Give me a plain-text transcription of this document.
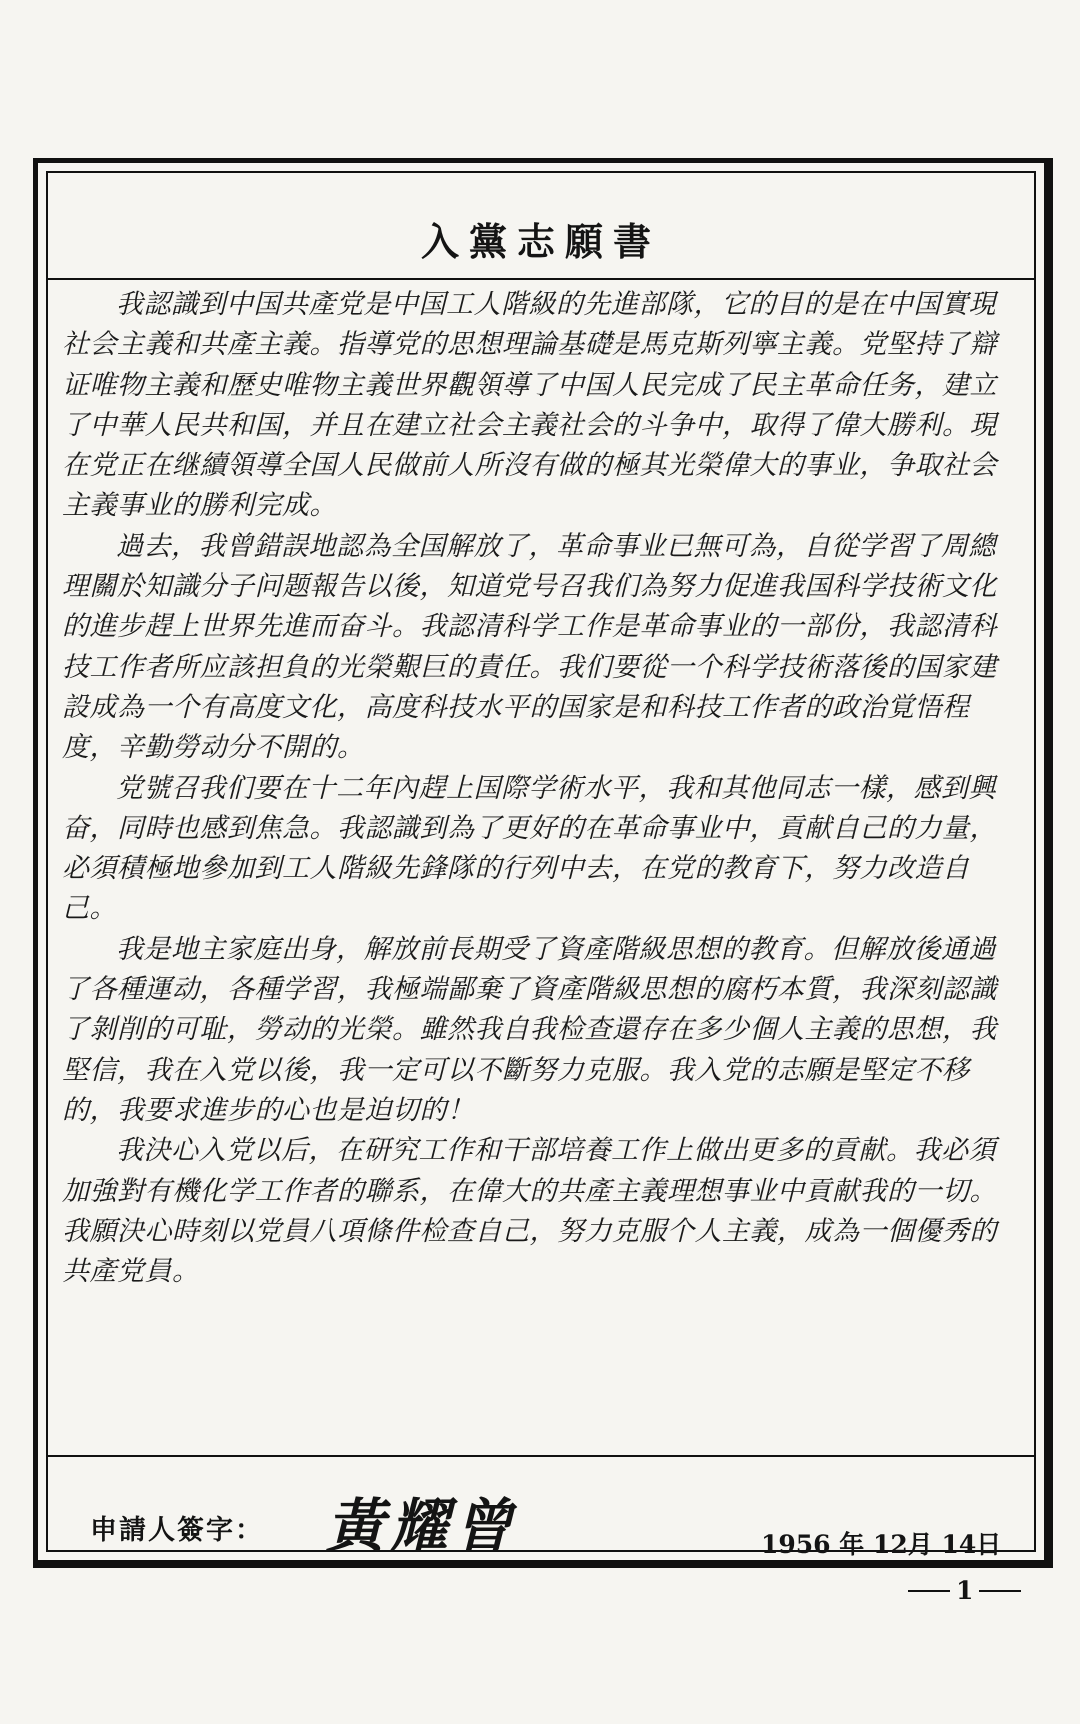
入黨志願書

我認識到中国共產党是中国工人階級的先進部隊，它的目的是在中国實現社会主義和共產主義。指導党的思想理論基礎是馬克斯列寧主義。党堅持了辯证唯物主義和歷史唯物主義世界觀領導了中国人民完成了民主革命任务，建立了中華人民共和国，并且在建立社会主義社会的斗争中，取得了偉大勝利。現在党正在继續領導全国人民做前人所沒有做的極其光榮偉大的事业，争取社会主義事业的勝利完成。

過去，我曾錯誤地認為全国解放了，革命事业已無可為，自從学習了周總理關於知識分子问题報告以後，知道党号召我们為努力促進我国科学技術文化的進步趕上世界先進而奋斗。我認清科学工作是革命事业的一部份，我認清科技工作者所应該担負的光榮艱巨的責任。我们要從一个科学技術落後的国家建設成為一个有高度文化，高度科技水平的国家是和科技工作者的政治覚悟程度，辛勤勞动分不開的。

党號召我们要在十二年內趕上国際学術水平，我和其他同志一樣，感到興奋，同時也感到焦急。我認識到為了更好的在革命事业中，貢献自己的力量，必須積極地參加到工人階級先鋒隊的行列中去，在党的教育下，努力改造自己。

我是地主家庭出身，解放前長期受了資產階級思想的教育。但解放後通過了各種運动，各種学習，我極端鄙棄了資產階級思想的腐朽本質，我深刻認識了剝削的可耻，勞动的光榮。雖然我自我检查還存在多少個人主義的思想，我堅信，我在入党以後，我一定可以不斷努力克服。我入党的志願是堅定不移的，我要求進步的心也是迫切的！

我決心入党以后，在研究工作和干部培養工作上做出更多的貢献。我必須加強對有機化学工作者的聯系，在偉大的共產主義理想事业中貢献我的一切。我願決心時刻以党員八項條件检查自己，努力克服个人主義，成為一個優秀的共產党員。

申請人簽字： 黃耀曾	1956 年 12月 14日
1
